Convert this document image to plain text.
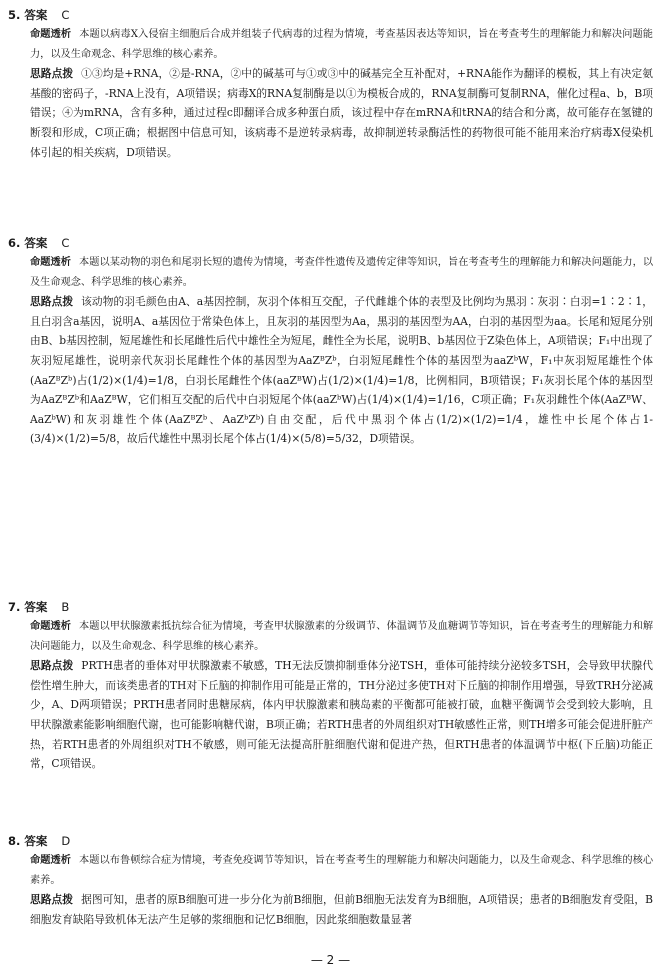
5. 答案 C

命题透析 本题以病毒X入侵宿主细胞后合成并组装子代病毒的过程为情境，考查基因表达等知识，旨在考查考生的理解能力和解决问题能力，以及生命观念、科学思维的核心素养。

思路点拨 ①③均是+RNA，②是-RNA，②中的碱基可与①或③中的碱基完全互补配对，+RNA能作为翻译的模板，其上有决定氨基酸的密码子，-RNA上没有，A项错误；病毒X的RNA复制酶是以①为模板合成的，RNA复制酶可复制RNA，催化过程a、b，B项错误；④为mRNA，含有多种，通过过程c即翻译合成多种蛋白质，该过程中存在mRNA和tRNA的结合和分离，故可能存在氢键的断裂和形成，C项正确；根据图中信息可知，该病毒不是逆转录病毒，故抑制逆转录酶活性的药物很可能不能用来治疗病毒X侵染机体引起的相关疾病，D项错误。

6. 答案 C

命题透析 本题以某动物的羽色和尾羽长短的遗传为情境，考查伴性遗传及遗传定律等知识，旨在考查考生的理解能力和解决问题能力，以及生命观念、科学思维的核心素养。

思路点拨 该动物的羽毛颜色由A、a基因控制，灰羽个体相互交配，子代雌雄个体的表型及比例均为黑羽∶灰羽∶白羽=1∶2∶1，且白羽含a基因，说明A、a基因位于常染色体上，且灰羽的基因型为Aa，黑羽的基因型为AA，白羽的基因型为aa。长尾和短尾分别由B、b基因控制，短尾雄性和长尾雌性后代中雄性全为短尾，雌性全为长尾，说明B、b基因位于Z染色体上，A项错误；F₁中出现了灰羽短尾雄性，说明亲代灰羽长尾雌性个体的基因型为AaZᴮZᵇ，白羽短尾雌性个体的基因型为aaZᵇW，F₁中灰羽短尾雄性个体(AaZᴮZᵇ)占(1/2)×(1/4)=1/8，白羽长尾雌性个体(aaZᴮW)占(1/2)×(1/4)=1/8，比例相同，B项错误；F₁灰羽长尾个体的基因型为AaZᴮZᵇ和AaZᴮW，它们相互交配的后代中白羽短尾个体(aaZᵇW)占(1/4)×(1/4)=1/16，C项正确；F₁灰羽雌性个体(AaZᴮW、AaZᵇW)和灰羽雄性个体(AaZᴮZᵇ、AaZᵇZᵇ)自由交配，后代中黑羽个体占(1/2)×(1/2)=1/4，雄性中长尾个体占1-(3/4)×(1/2)=5/8，故后代雄性中黑羽长尾个体占(1/4)×(5/8)=5/32，D项错误。

7. 答案 B

命题透析 本题以甲状腺激素抵抗综合征为情境，考查甲状腺激素的分级调节、体温调节及血糖调节等知识，旨在考查考生的理解能力和解决问题能力，以及生命观念、科学思维的核心素养。

思路点拨 PRTH患者的垂体对甲状腺激素不敏感，TH无法反馈抑制垂体分泌TSH，垂体可能持续分泌较多TSH，会导致甲状腺代偿性增生肿大，而该类患者的TH对下丘脑的抑制作用可能是正常的，TH分泌过多使TH对下丘脑的抑制作用增强，导致TRH分泌减少，A、D两项错误；PRTH患者同时患糖尿病，体内甲状腺激素和胰岛素的平衡都可能被打破，血糖平衡调节会受到较大影响，且甲状腺激素能影响细胞代谢，也可能影响糖代谢，B项正确；若RTH患者的外周组织对TH敏感性正常，则TH增多可能会促进肝脏产热，若RTH患者的外周组织对TH不敏感，则可能无法提高肝脏细胞代谢和促进产热，但RTH患者的体温调节中枢(下丘脑)功能正常，C项错误。

8. 答案 D

命题透析 本题以布鲁顿综合症为情境，考查免疫调节等知识，旨在考查考生的理解能力和解决问题能力，以及生命观念、科学思维的核心素养。

思路点拨 据图可知，患者的原B细胞可进一步分化为前B细胞，但前B细胞无法发育为B细胞，A项错误；患者的B细胞发育受阻，B细胞发育缺陷导致机体无法产生足够的浆细胞和记忆B细胞，因此浆细胞数量显著

— 2 —
